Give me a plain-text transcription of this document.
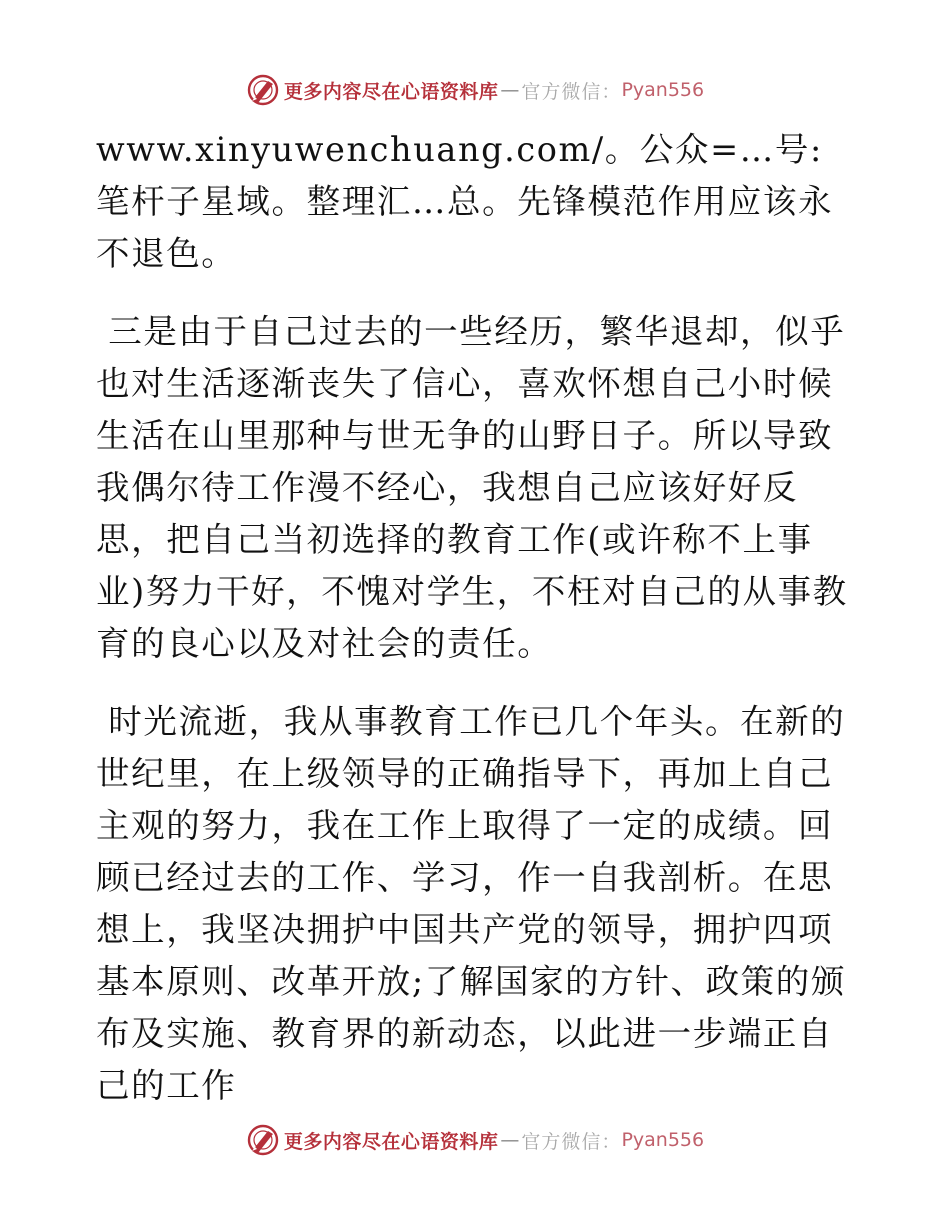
更多内容尽在心语资料库 — 官方微信： Pyan556

www.xinyuwenchuang.com/。公众=…号: 笔杆子星域。整理汇…总。先锋模范作用应该永不退色。

三是由于自己过去的一些经历，繁华退却，似乎也对生活逐渐丧失了信心，喜欢怀想自己小时候生活在山里那种与世无争的山野日子。所以导致我偶尔待工作漫不经心，我想自己应该好好反思，把自己当初选择的教育工作(或许称不上事业)努力干好，不愧对学生，不枉对自己的从事教育的良心以及对社会的责任。

时光流逝，我从事教育工作已几个年头。在新的世纪里，在上级领导的正确指导下，再加上自己主观的努力，我在工作上取得了一定的成绩。回顾已经过去的工作、学习，作一自我剖析。在思想上，我坚决拥护中国共产党的领导，拥护四项基本原则、改革开放;了解国家的方针、政策的颁布及实施、教育界的新动态，以此进一步端正自己的工作

更多内容尽在心语资料库 — 官方微信： Pyan556
